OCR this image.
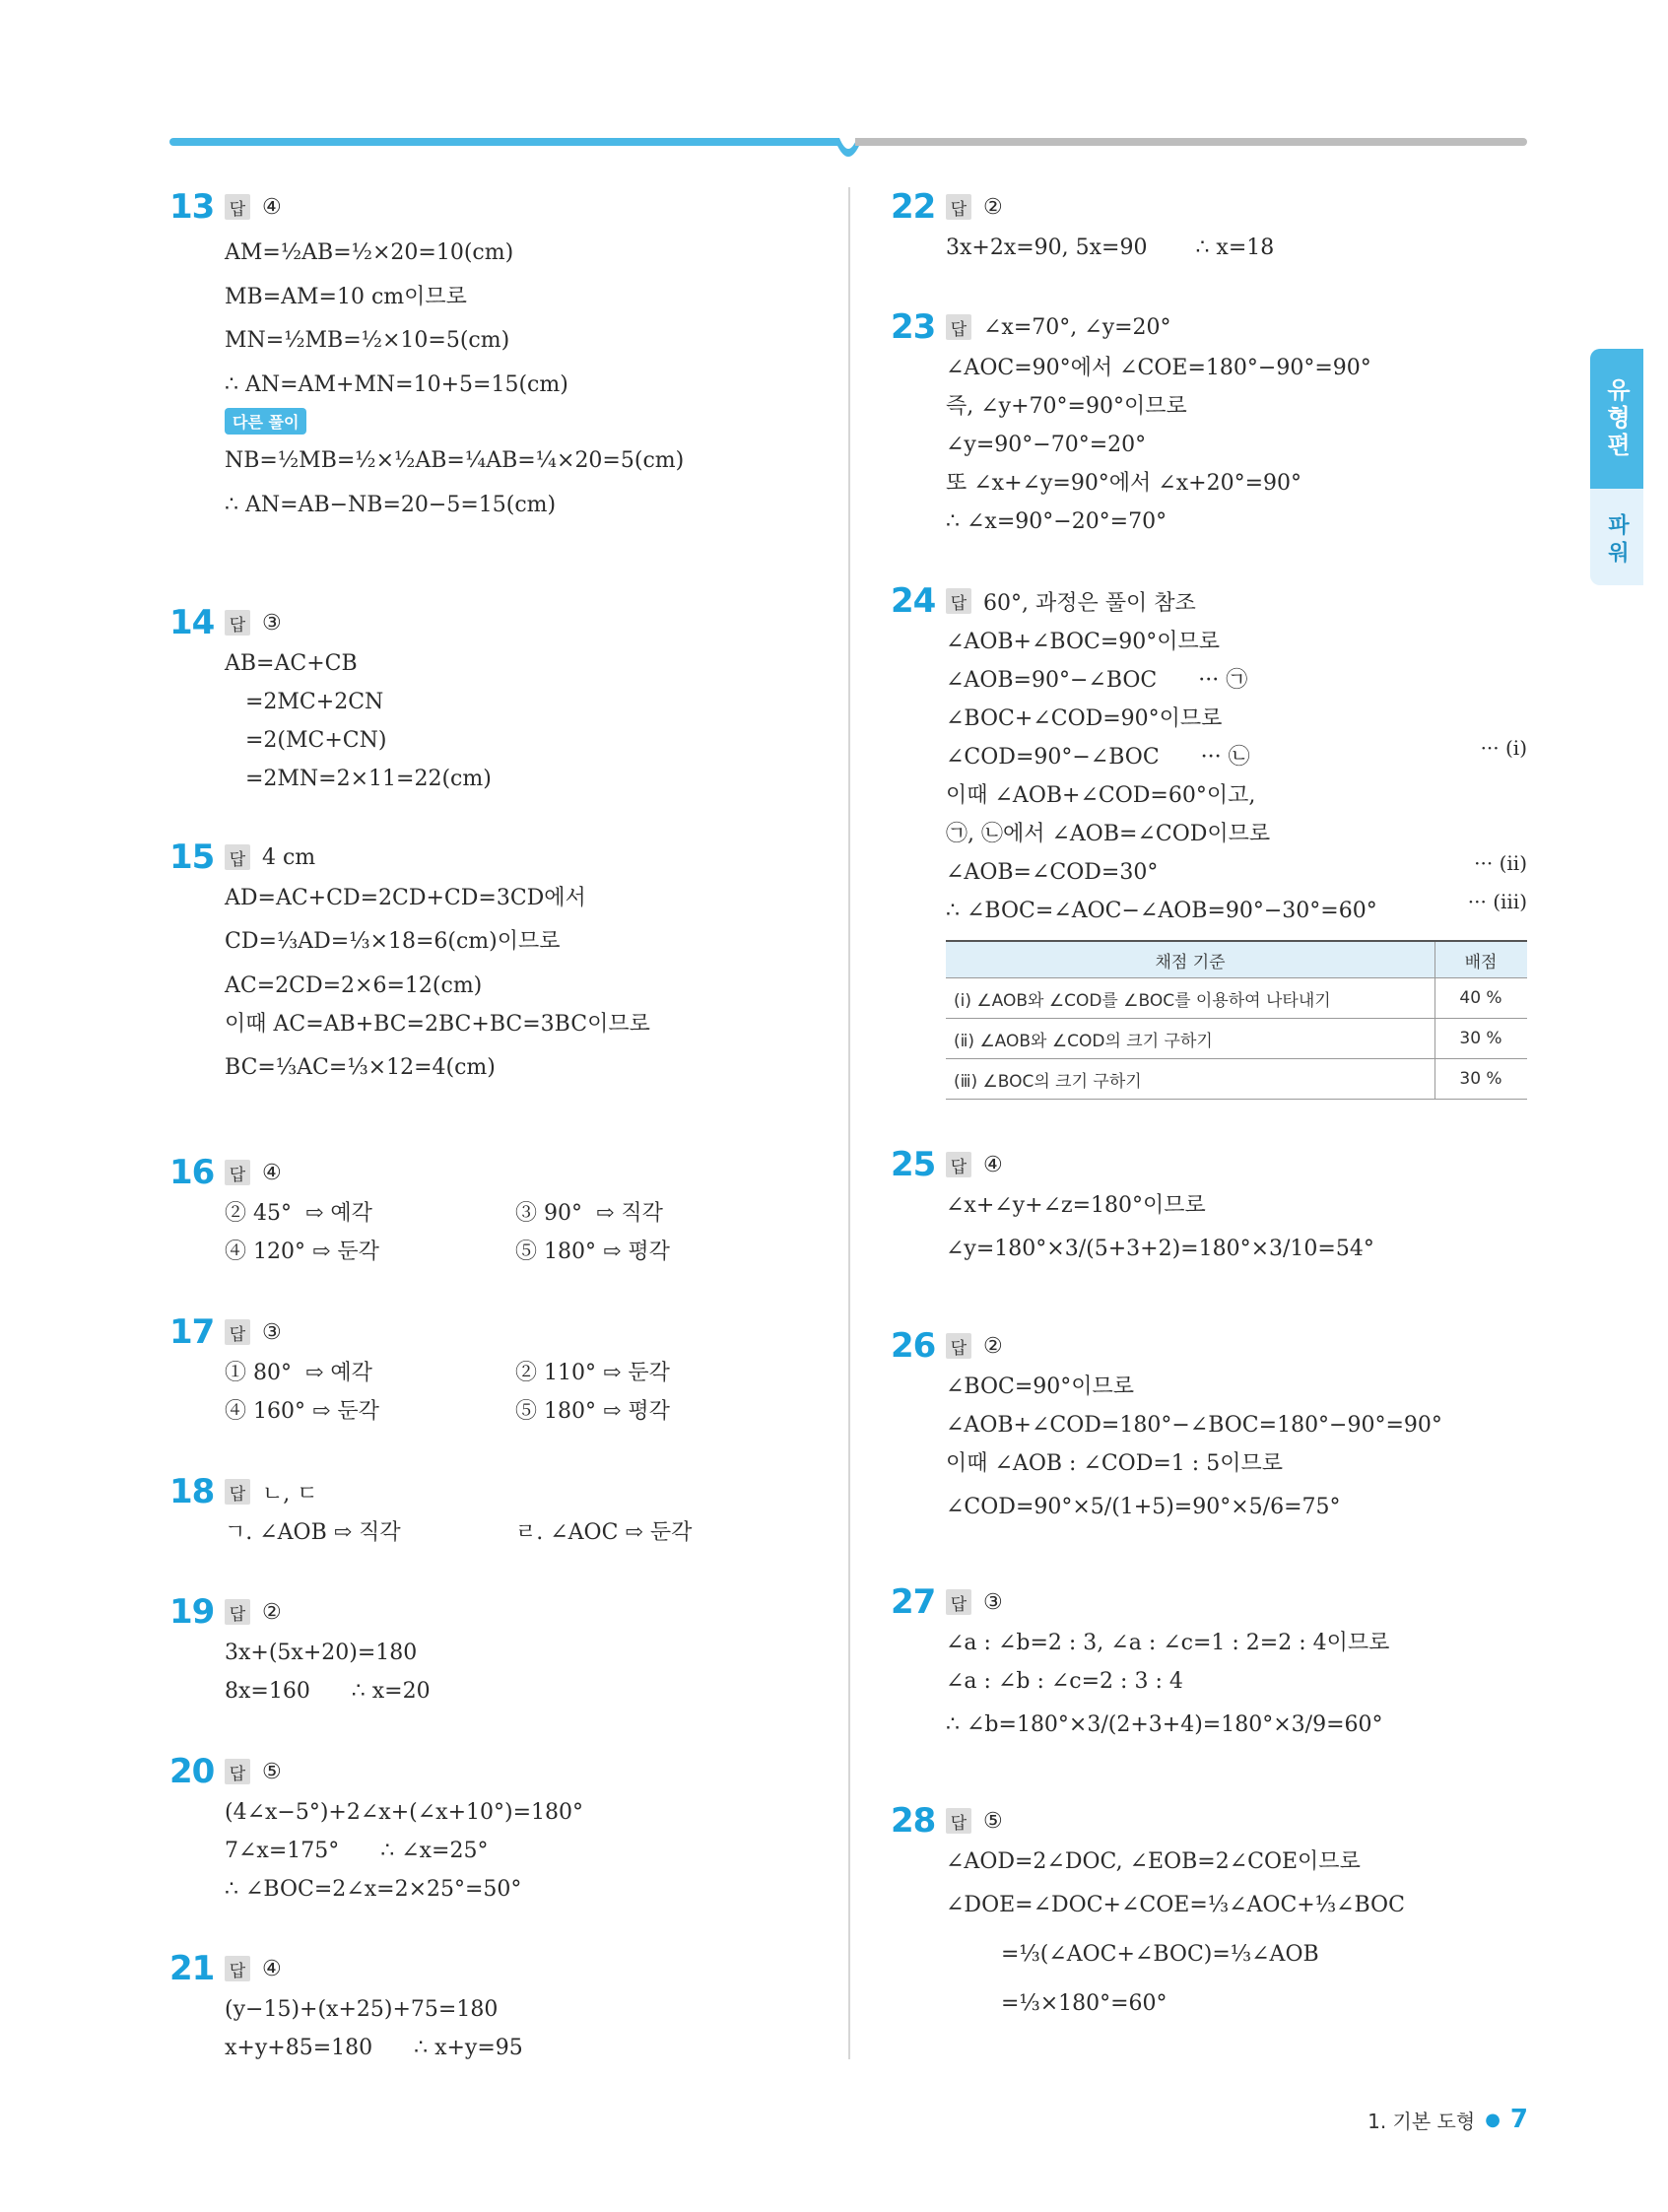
유형편
파워
13 답 ④
AM=½AB=½×20=10(cm)
MB=AM=10 cm이므로
MN=½MB=½×10=5(cm)
∴ AN=AM+MN=10+5=15(cm)
다른 풀이
NB=½MB=½×½AB=¼AB=¼×20=5(cm)
∴ AN=AB−NB=20−5=15(cm)
14 답 ③
AB=AC+CB
=2MC+2CN
=2(MC+CN)
=2MN=2×11=22(cm)
15 답 4 cm
AD=AC+CD=2CD+CD=3CD에서
CD=⅓AD=⅓×18=6(cm)이므로
AC=2CD=2×6=12(cm)
이때 AC=AB+BC=2BC+BC=3BC이므로
BC=⅓AC=⅓×12=4(cm)
16 답 ④
② 45°  ⇨ 예각	③ 90°  ⇨ 직각
④ 120° ⇨ 둔각	⑤ 180° ⇨ 평각
17 답 ③
① 80°  ⇨ 예각	② 110° ⇨ 둔각
④ 160° ⇨ 둔각	⑤ 180° ⇨ 평각
18 답 ㄴ, ㄷ
ㄱ. ∠AOB ⇨ 직각	ㄹ. ∠AOC ⇨ 둔각
19 답 ②
3x+(5x+20)=180
8x=160      ∴ x=20
20 답 ⑤
(4∠x−5°)+2∠x+(∠x+10°)=180°
7∠x=175°      ∴ ∠x=25°
∴ ∠BOC=2∠x=2×25°=50°
21 답 ④
(y−15)+(x+25)+75=180
x+y+85=180      ∴ x+y=95
22 답 ②
3x+2x=90, 5x=90       ∴ x=18
23 답 ∠x=70°, ∠y=20°
∠AOC=90°에서 ∠COE=180°−90°=90°
즉, ∠y+70°=90°이므로
∠y=90°−70°=20°
또 ∠x+∠y=90°에서 ∠x+20°=90°
∴ ∠x=90°−20°=70°
24 답 60°, 과정은 풀이 참조
∠AOB+∠BOC=90°이므로
∠AOB=90°−∠BOC      ··· ㉠
∠BOC+∠COD=90°이므로
∠COD=90°−∠BOC      ··· ㉡
이때 ∠AOB+∠COD=60°이고,
㉠, ㉡에서 ∠AOB=∠COD이므로
∠AOB=∠COD=30°
∴ ∠BOC=∠AOC−∠AOB=90°−30°=60°
··· (ⅰ)
··· (ⅱ)
··· (ⅲ)
채점 기준	배점
(ⅰ) ∠AOB와 ∠COD를 ∠BOC를 이용하여 나타내기	40 %
(ⅱ) ∠AOB와 ∠COD의 크기 구하기	30 %
(ⅲ) ∠BOC의 크기 구하기	30 %
25 답 ④
∠x+∠y+∠z=180°이므로
∠y=180°×3/(5+3+2)=180°×3/10=54°
26 답 ②
∠BOC=90°이므로
∠AOB+∠COD=180°−∠BOC=180°−90°=90°
이때 ∠AOB : ∠COD=1 : 5이므로
∠COD=90°×5/(1+5)=90°×5/6=75°
27 답 ③
∠a : ∠b=2 : 3, ∠a : ∠c=1 : 2=2 : 4이므로
∠a : ∠b : ∠c=2 : 3 : 4
∴ ∠b=180°×3/(2+3+4)=180°×3/9=60°
28 답 ⑤
∠AOD=2∠DOC, ∠EOB=2∠COE이므로
∠DOE=∠DOC+∠COE=⅓∠AOC+⅓∠BOC
=⅓(∠AOC+∠BOC)=⅓∠AOB
=⅓×180°=60°
1. 기본 도형 ● 7
